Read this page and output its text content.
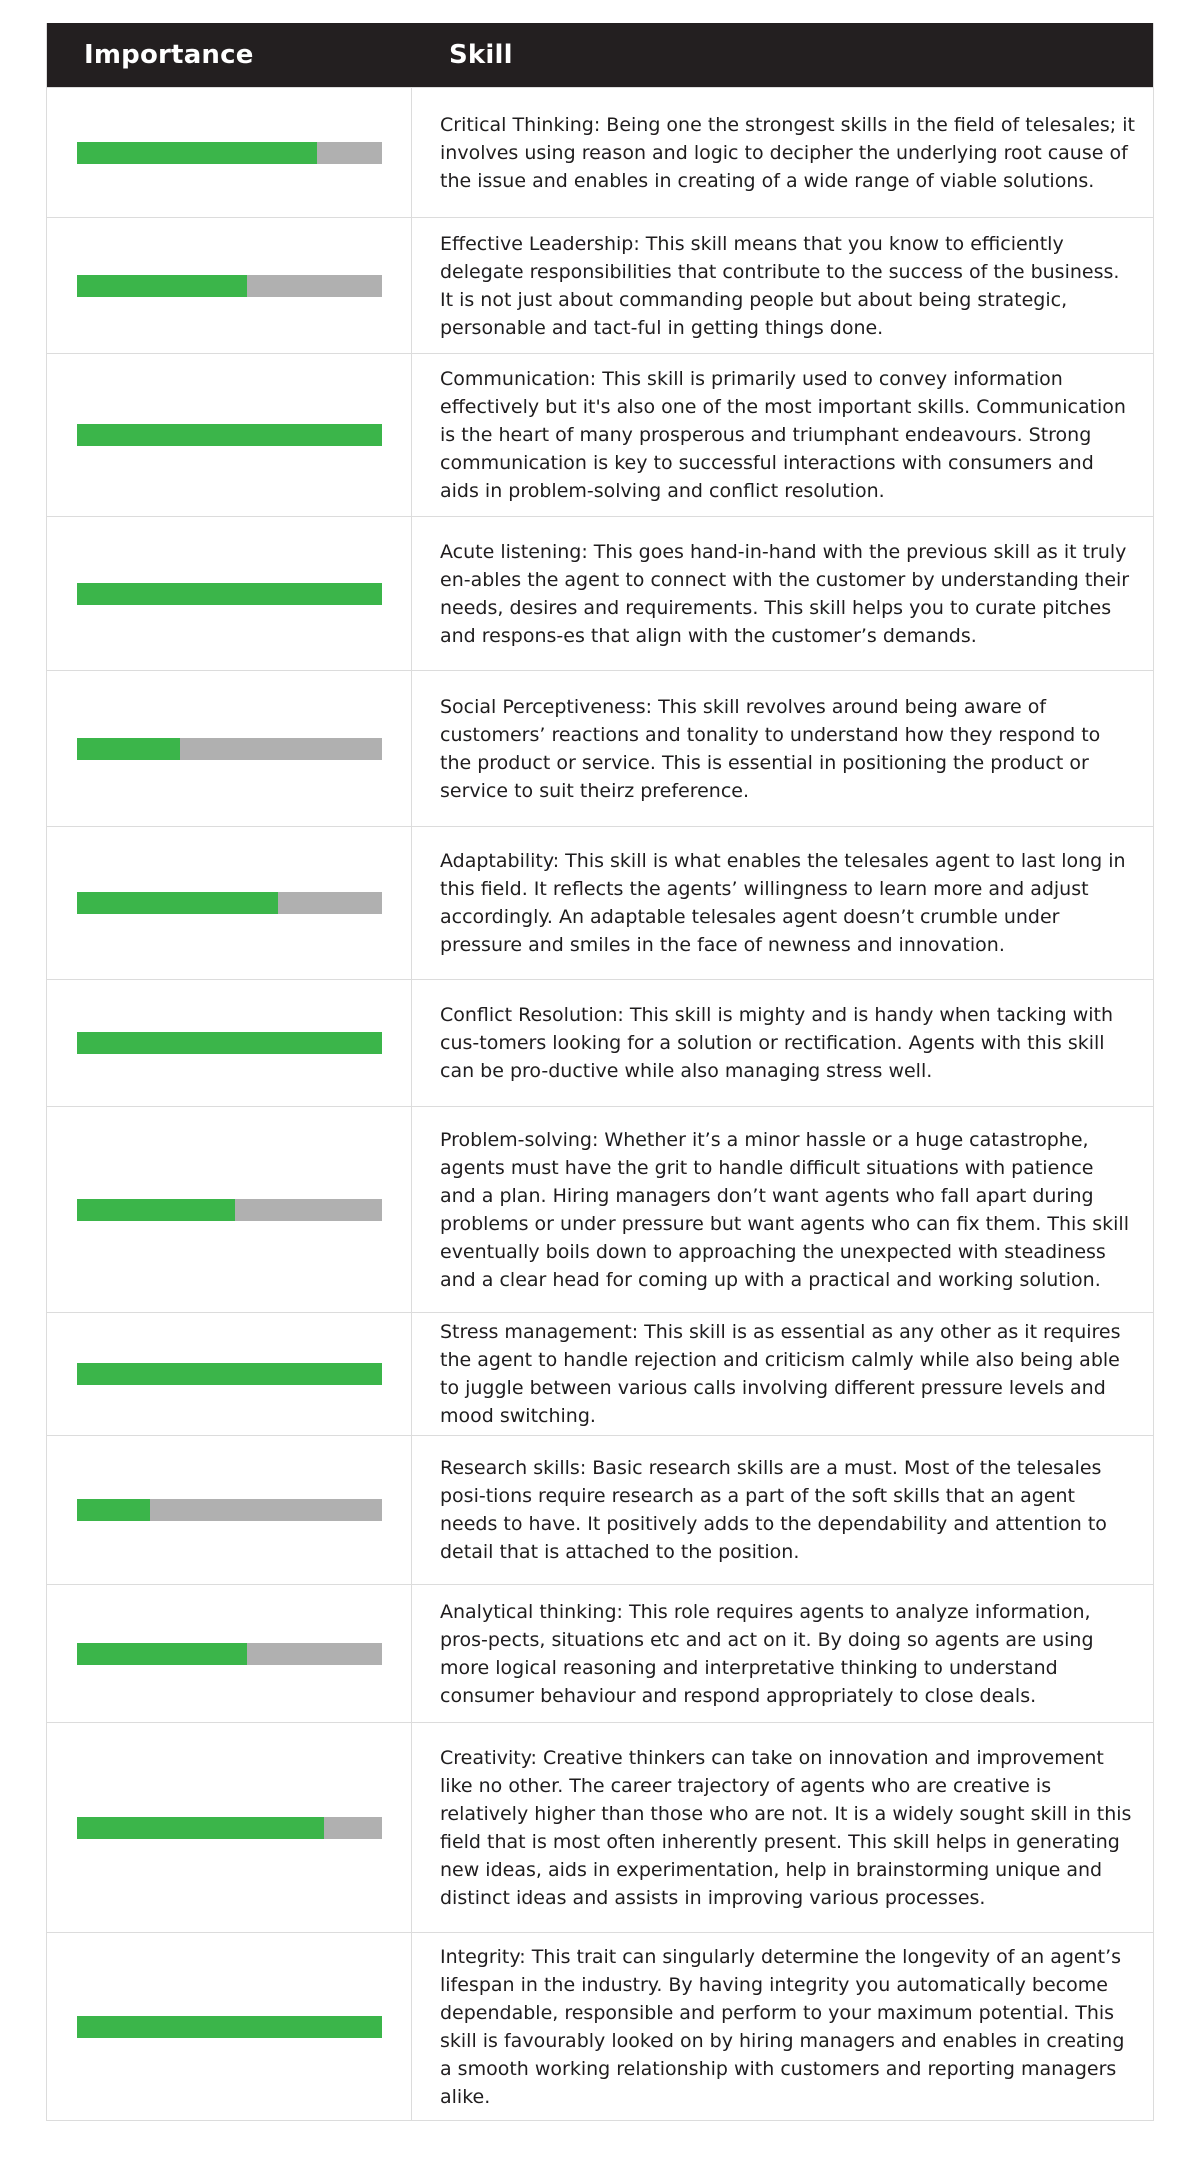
Importance	Skill

Critical Thinking: Being one the strongest skills in the field of telesales; it involves using reason and logic to decipher the underlying root cause of the issue and enables in creating of a wide range of viable solutions.

Effective Leadership: This skill means that you know to efficiently delegate responsibilities that contribute to the success of the business. It is not just about commanding people but about being strategic, personable and tact-ful in getting things done.

Communication: This skill is primarily used to convey information effectively but it's also one of the most important skills. Communication is the heart of many prosperous and triumphant endeavours. Strong communication is key to successful interactions with consumers and aids in problem-solving and conflict resolution.

Acute listening: This goes hand-in-hand with the previous skill as it truly en-ables the agent to connect with the customer by understanding their needs, desires and requirements. This skill helps you to curate pitches and respons-es that align with the customer’s demands.

Social Perceptiveness: This skill revolves around being aware of customers’ reactions and tonality to understand how they respond to the product or service. This is essential in positioning the product or service to suit theirz preference.

Adaptability: This skill is what enables the telesales agent to last long in this field. It reflects the agents’ willingness to learn more and adjust accordingly. An adaptable telesales agent doesn’t crumble under pressure and smiles in the face of newness and innovation.

Conflict Resolution: This skill is mighty and is handy when tacking with cus-tomers looking for a solution or rectification. Agents with this skill can be pro-ductive while also managing stress well.

Problem-solving: Whether it’s a minor hassle or a huge catastrophe, agents must have the grit to handle difficult situations with patience and a plan. Hiring managers don’t want agents who fall apart during problems or under pressure but want agents who can fix them. This skill eventually boils down to approaching the unexpected with steadiness and a clear head for coming up with a practical and working solution.

Stress management: This skill is as essential as any other as it requires the agent to handle rejection and criticism calmly while also being able to juggle between various calls involving different pressure levels and mood switching.

Research skills: Basic research skills are a must. Most of the telesales posi-tions require research as a part of the soft skills that an agent needs to have. It positively adds to the dependability and attention to detail that is attached to the position.

Analytical thinking: This role requires agents to analyze information, pros-pects, situations etc and act on it. By doing so agents are using more logical reasoning and interpretative thinking to understand consumer behaviour and respond appropriately to close deals.

Creativity: Creative thinkers can take on innovation and improvement like no other. The career trajectory of agents who are creative is relatively higher than those who are not. It is a widely sought skill in this field that is most often inherently present. This skill helps in generating new ideas, aids in experimentation, help in brainstorming unique and distinct ideas and assists in improving various processes.

Integrity: This trait can singularly determine the longevity of an agent’s lifespan in the industry. By having integrity you automatically become dependable, responsible and perform to your maximum potential. This skill is favourably looked on by hiring managers and enables in creating a smooth working relationship with customers and reporting managers alike.
